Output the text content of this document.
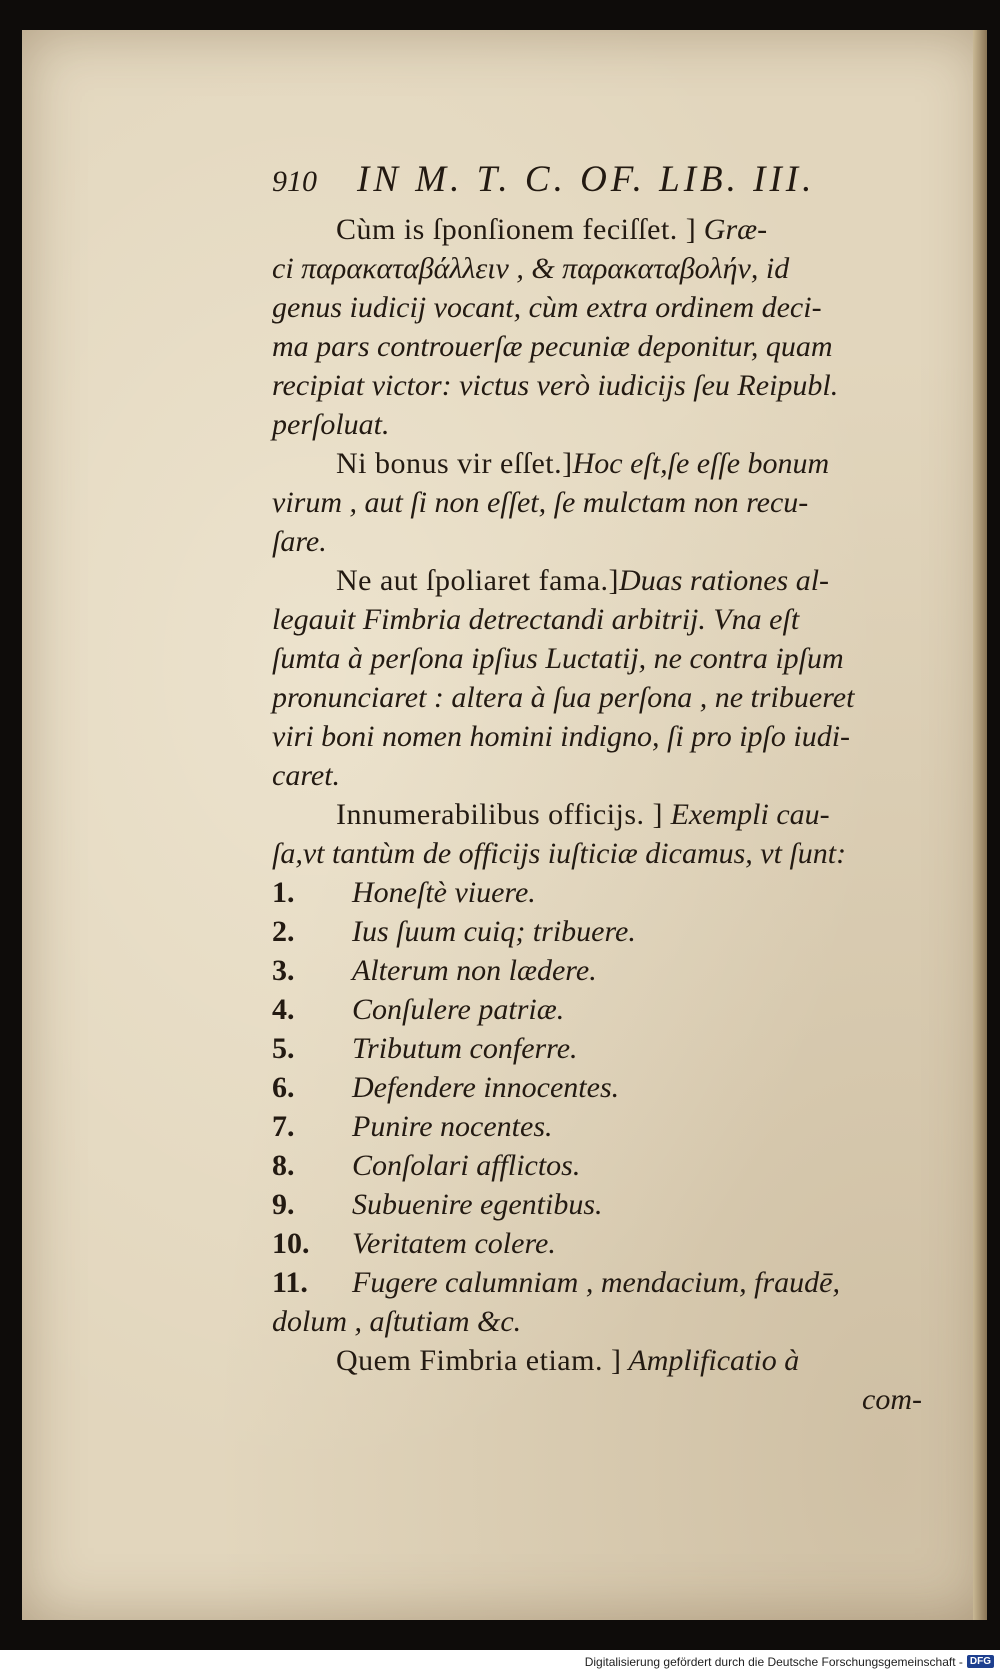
910 IN M. T. C. OF. LIB. III.
Cùm is ſponſionem feciſſet. ] Græ-
ci παρακαταβάλλειν , & παρακαταβολήν, id
genus iudicij vocant, cùm extra ordinem deci-
ma pars controuerſæ pecuniæ deponitur, quam
recipiat victor: victus verò iudicijs ſeu Reipubl.
perſoluat.
Ni bonus vir eſſet.]Hoc eſt,ſe eſſe bonum
virum , aut ſi non eſſet, ſe mulctam non recu-
ſare.
Ne aut ſpoliaret fama.]Duas rationes al-
legauit Fimbria detrectandi arbitrij. Vna eſt
ſumta à perſona ipſius Luctatij, ne contra ipſum
pronunciaret : altera à ſua perſona , ne tribueret
viri boni nomen homini indigno, ſi pro ipſo iudi-
caret.
Innumerabilibus officijs. ] Exempli cau-
ſa,vt tantùm de officijs iuſticiæ dicamus, vt ſunt:
1.	Honeſtè viuere.
2.	Ius ſuum cuiq; tribuere.
3.	Alterum non lædere.
4.	Conſulere patriæ.
5.	Tributum conferre.
6.	Defendere innocentes.
7.	Punire nocentes.
8.	Conſolari afflictos.
9.	Subuenire egentibus.
10.	Veritatem colere.
11.	Fugere calumniam , mendacium, fraudē,
dolum , aſtutiam &c.
Quem Fimbria etiam. ] Amplificatio à
com-
Digitalisierung gefördert durch die Deutsche Forschungsgemeinschaft - DFG
